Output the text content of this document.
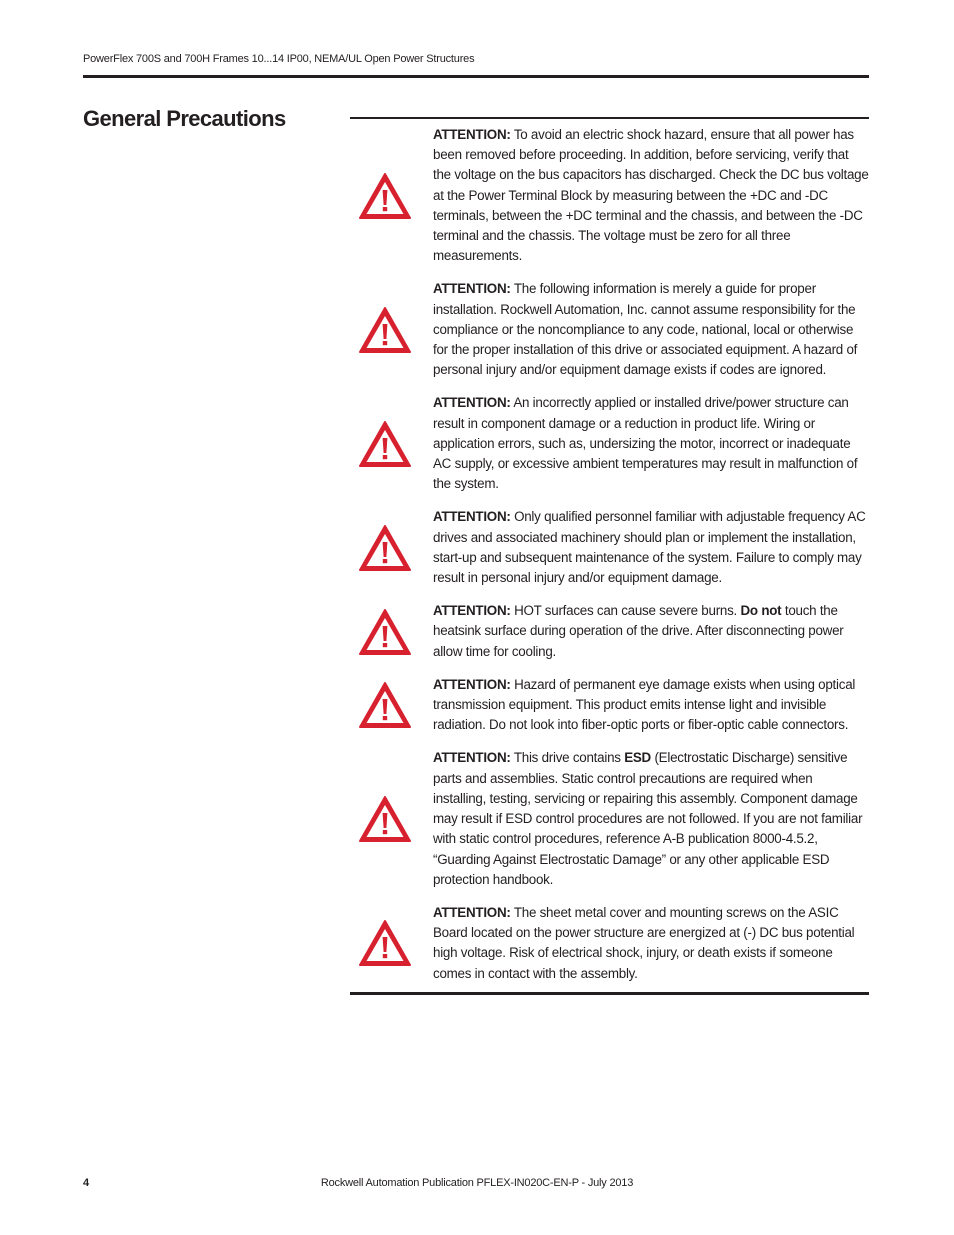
PowerFlex 700S and 700H Frames 10...14 IP00, NEMA/UL Open Power Structures
General Precautions

ATTENTION: To avoid an electric shock hazard, ensure that all power has been removed before proceeding. In addition, before servicing, verify that the voltage on the bus capacitors has discharged. Check the DC bus voltage at the Power Terminal Block by measuring between the +DC and -DC terminals, between the +DC terminal and the chassis, and between the -DC terminal and the chassis. The voltage must be zero for all three measurements.

ATTENTION: The following information is merely a guide for proper installation. Rockwell Automation, Inc. cannot assume responsibility for the compliance or the noncompliance to any code, national, local or otherwise for the proper installation of this drive or associated equipment. A hazard of personal injury and/or equipment damage exists if codes are ignored.

ATTENTION: An incorrectly applied or installed drive/power structure can result in component damage or a reduction in product life. Wiring or application errors, such as, undersizing the motor, incorrect or inadequate AC supply, or excessive ambient temperatures may result in malfunction of the system.

ATTENTION: Only qualified personnel familiar with adjustable frequency AC drives and associated machinery should plan or implement the installation, start-up and subsequent maintenance of the system. Failure to comply may result in personal injury and/or equipment damage.

ATTENTION: HOT surfaces can cause severe burns. Do not touch the heatsink surface during operation of the drive. After disconnecting power allow time for cooling.

ATTENTION: Hazard of permanent eye damage exists when using optical transmission equipment. This product emits intense light and invisible radiation. Do not look into fiber-optic ports or fiber-optic cable connectors.

ATTENTION: This drive contains ESD (Electrostatic Discharge) sensitive parts and assemblies. Static control precautions are required when installing, testing, servicing or repairing this assembly. Component damage may result if ESD control procedures are not followed. If you are not familiar with static control procedures, reference A-B publication 8000-4.5.2, “Guarding Against Electrostatic Damage” or any other applicable ESD protection handbook.

ATTENTION: The sheet metal cover and mounting screws on the ASIC Board located on the power structure are energized at (-) DC bus potential high voltage. Risk of electrical shock, injury, or death exists if someone comes in contact with the assembly.

4	Rockwell Automation Publication PFLEX-IN020C-EN-P - July 2013
